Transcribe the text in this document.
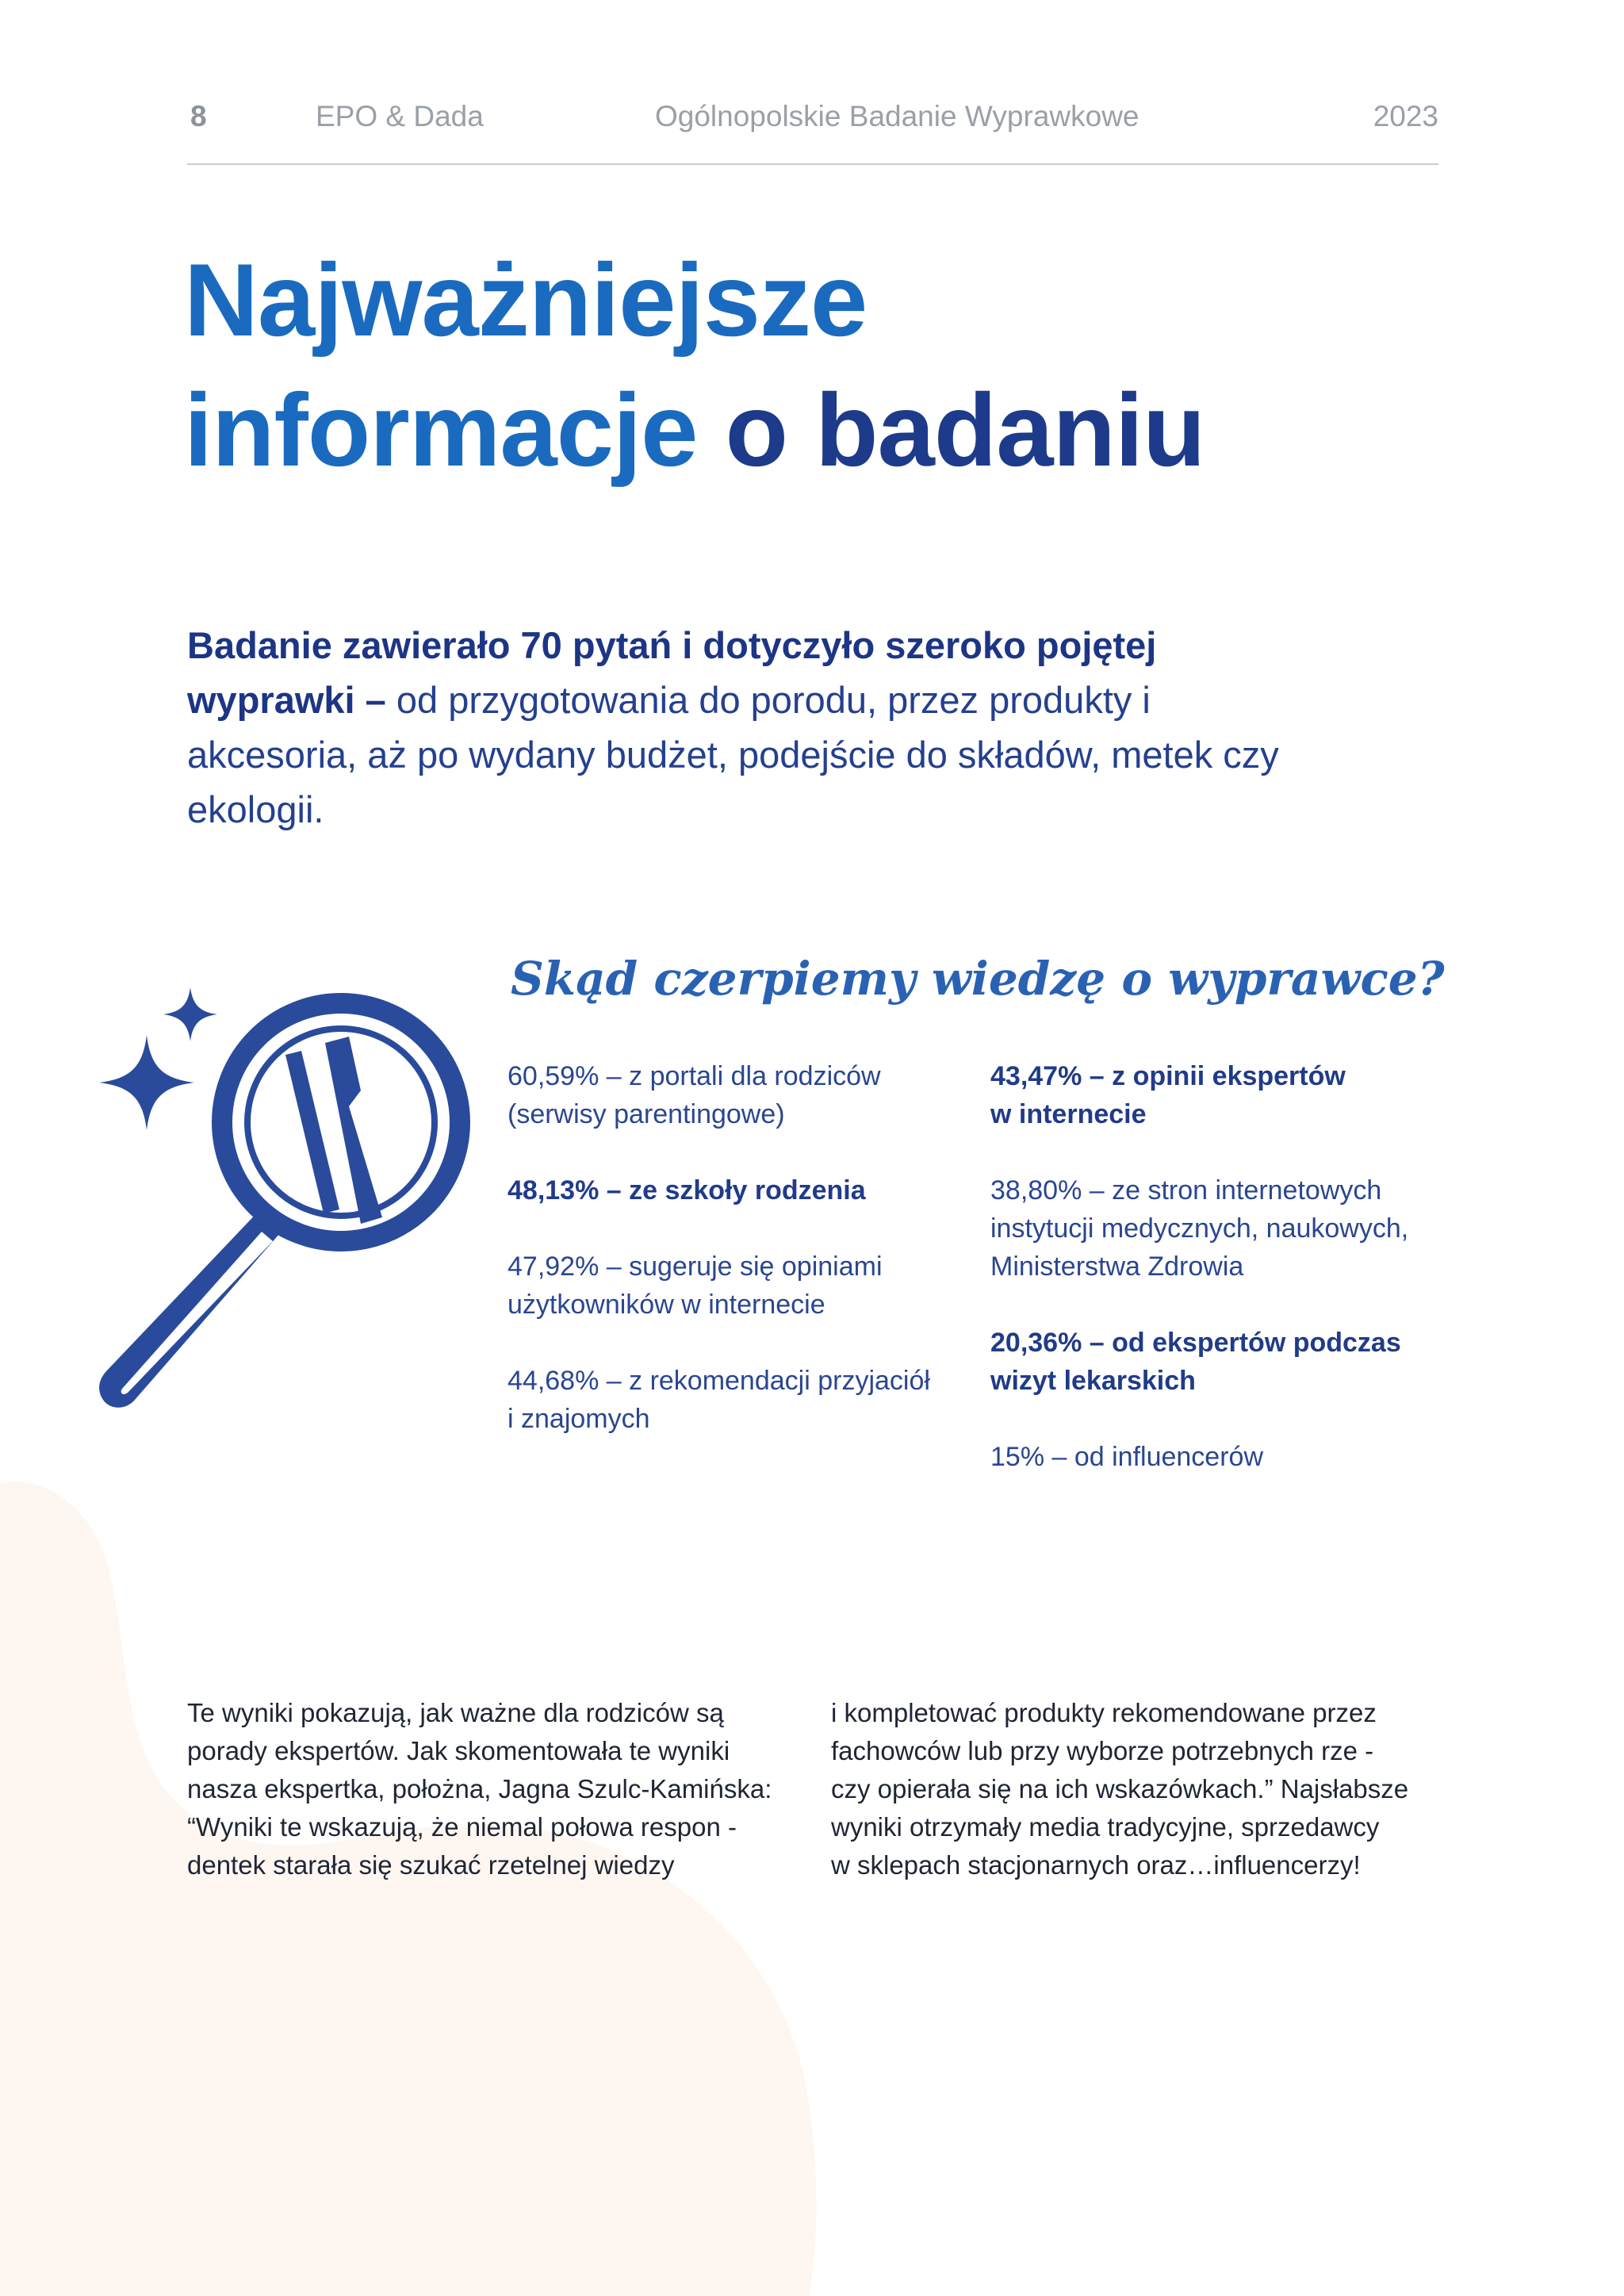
8	EPO & Dada	Ogólnopolskie Badanie Wyprawkowe	2023
Najważniejsze
informacje o badaniu

Badanie zawierało 70 pytań i dotyczyło szeroko pojętej wyprawki – od przygotowania do porodu, przez produkty i akcesoria, aż po wydany budżet, podejście do składów, metek czy ekologii.

Skąd czerpiemy wiedzę o wyprawce?

60,59% – z portali dla rodziców
(serwisy parentingowe)

48,13% – ze szkoły rodzenia

47,92% – sugeruje się opiniami
użytkowników w internecie

44,68% – z rekomendacji przyjaciół
i znajomych

43,47% – z opinii ekspertów
w internecie

38,80% – ze stron internetowych
instytucji medycznych, naukowych,
Ministerstwa Zdrowia

20,36% – od ekspertów podczas
wizyt lekarskich

15% – od influencerów

Te wyniki pokazują, jak ważne dla rodziców są
porady ekspertów. Jak skomentowała te wyniki
nasza ekspertka, położna, Jagna Szulc-Kamińska:
“Wyniki te wskazują, że niemal połowa respon -
dentek starała się szukać rzetelnej wiedzy

i kompletować produkty rekomendowane przez
fachowców lub przy wyborze potrzebnych rze -
czy opierała się na ich wskazówkach.” Najsłabsze
wyniki otrzymały media tradycyjne, sprzedawcy
w sklepach stacjonarnych oraz…influencerzy!
